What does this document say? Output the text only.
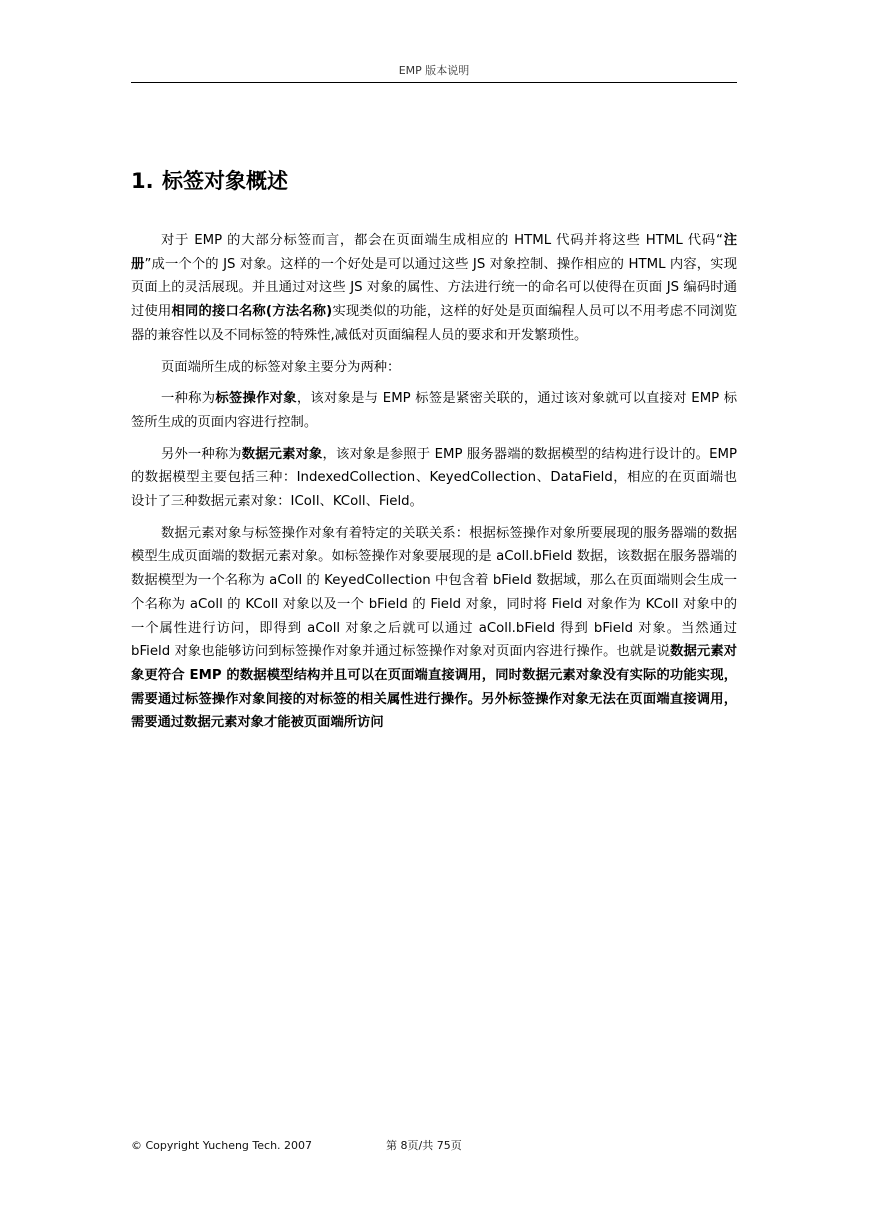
EMP 版本说明
1. 标签对象概述

对于 EMP 的大部分标签而言，都会在页面端生成相应的 HTML 代码并将这些 HTML 代码“注册”成一个个的 JS 对象。这样的一个好处是可以通过这些 JS 对象控制、操作相应的 HTML 内容，实现页面上的灵活展现。并且通过对这些 JS 对象的属性、方法进行统一的命名可以使得在页面 JS 编码时通过使用相同的接口名称(方法名称)实现类似的功能，这样的好处是页面编程人员可以不用考虑不同浏览器的兼容性以及不同标签的特殊性,减低对页面编程人员的要求和开发繁琐性。

页面端所生成的标签对象主要分为两种：

一种称为标签操作对象，该对象是与 EMP 标签是紧密关联的，通过该对象就可以直接对 EMP 标签所生成的页面内容进行控制。

另外一种称为数据元素对象，该对象是参照于 EMP 服务器端的数据模型的结构进行设计的。EMP 的数据模型主要包括三种：IndexedCollection、KeyedCollection、DataField，相应的在页面端也设计了三种数据元素对象：ICoIl、KColl、Field。

数据元素对象与标签操作对象有着特定的关联关系：根据标签操作对象所要展现的服务器端的数据模型生成页面端的数据元素对象。如标签操作对象要展现的是 aColl.bField 数据，该数据在服务器端的数据模型为一个名称为 aColl 的 KeyedCollection 中包含着 bField 数据域，那么在页面端则会生成一个名称为 aColl 的 KColl 对象以及一个 bField 的 Field 对象，同时将 Field 对象作为 KColl 对象中的一个属性进行访问，即得到 aColl 对象之后就可以通过 aColl.bField 得到 bField 对象。当然通过 bField 对象也能够访问到标签操作对象并通过标签操作对象对页面内容进行操作。也就是说数据元素对象更符合 EMP 的数据模型结构并且可以在页面端直接调用，同时数据元素对象没有实际的功能实现，需要通过标签操作对象间接的对标签的相关属性进行操作。另外标签操作对象无法在页面端直接调用，需要通过数据元素对象才能被页面端所访问

© Copyright Yucheng Tech. 2007	第 8页/共 75页
